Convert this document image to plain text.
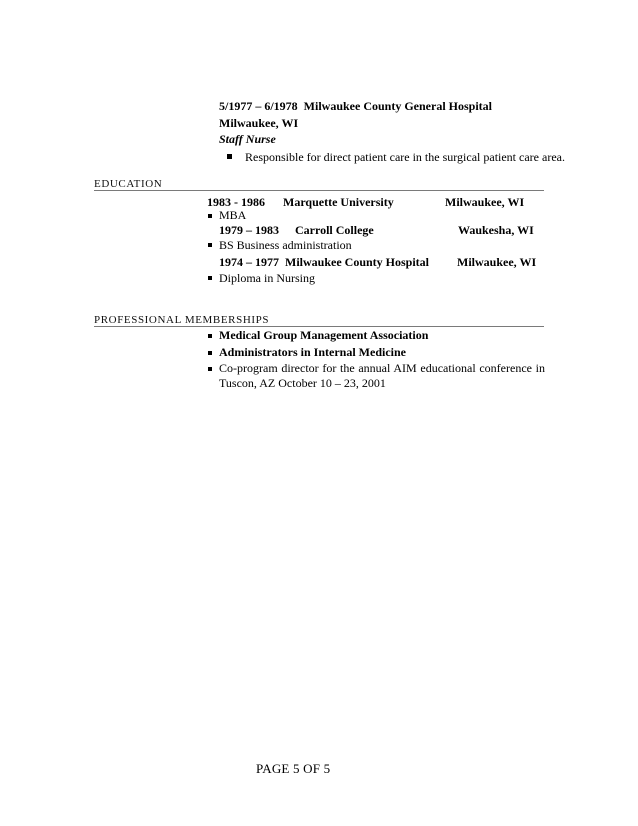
5/1977 – 6/1978 Milwaukee County General Hospital
Milwaukee, WI
Staff Nurse
Responsible for direct patient care in the surgical patient care area.
EDUCATION
1983 - 1986 Marquette University	Milwaukee, WI
MBA
1979 – 1983 Carroll College	Waukesha, WI
BS Business administration
1974 – 1977 Milwaukee County Hospital Milwaukee, WI
Diploma in Nursing
PROFESSIONAL MEMBERSHIPS
Medical Group Management Association
Administrators in Internal Medicine
Co-program director for the annual AIM educational conference in Tuscon, AZ October 10 – 23, 2001
PAGE 5 OF 5
